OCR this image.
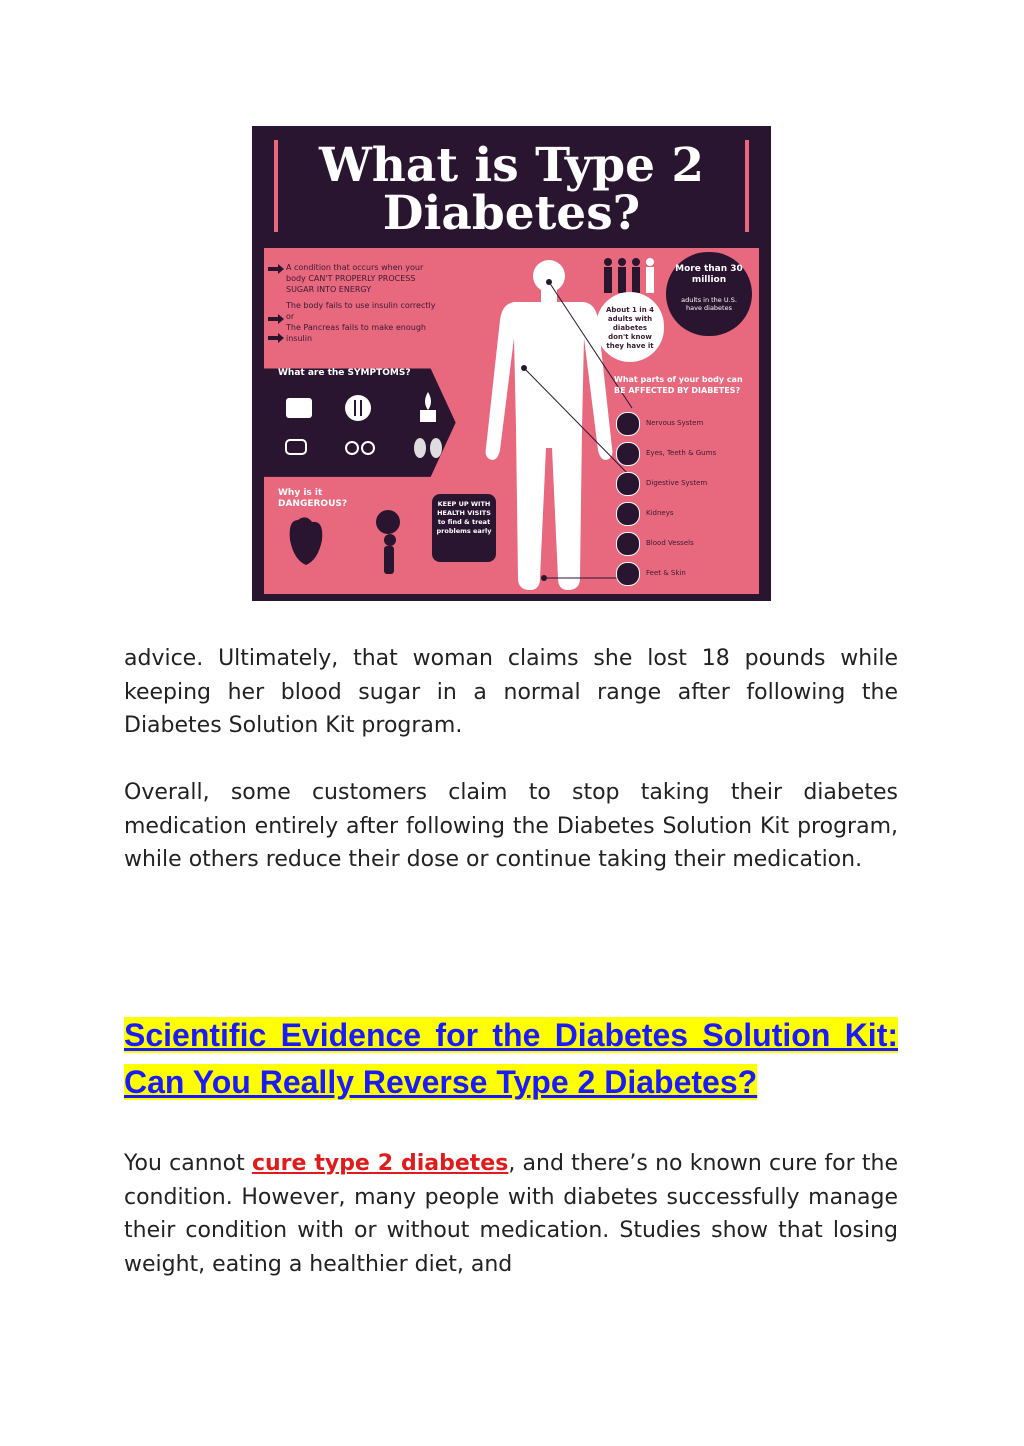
What is Type 2
Diabetes?
A condition that occurs when your body CAN'T PROPERLY PROCESS SUGAR INTO ENERGY
The body fails to use insulin correctly or
The Pancreas fails to make enough insulin
What are the SYMPTOMS?
Why is it DANGEROUS?	KEEP UP WITH HEALTH VISITS to find & treat problems early
More than 30 million
adults in the U.S. have diabetes
About 1 in 4 adults with diabetes don't know they have it
What parts of your body can BE AFFECTED BY DIABETES?
Nervous System
Eyes, Teeth & Gums
Digestive System
Kidneys
Blood Vessels
Feet & Skin

advice. Ultimately, that woman claims she lost 18 pounds while keeping her blood sugar in a normal range after following the Diabetes Solution Kit program.

Overall, some customers claim to stop taking their diabetes medication entirely after following the Diabetes Solution Kit program, while others reduce their dose or continue taking their medication.

Scientific Evidence for the Diabetes Solution Kit: Can You Really Reverse Type 2 Diabetes?

You cannot cure type 2 diabetes, and there’s no known cure for the condition. However, many people with diabetes successfully manage their condition with or without medication. Studies show that losing weight, eating a healthier diet, and
